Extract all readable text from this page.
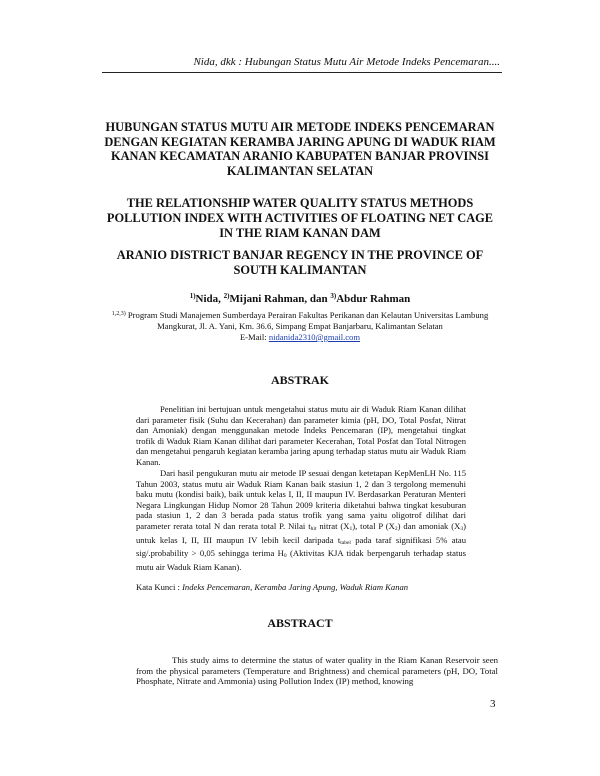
Nida, dkk : Hubungan Status Mutu Air Metode Indeks Pencemaran....
HUBUNGAN STATUS MUTU AIR METODE INDEKS PENCEMARAN DENGAN KEGIATAN KERAMBA JARING APUNG DI WADUK RIAM KANAN KECAMATAN ARANIO KABUPATEN BANJAR PROVINSI KALIMANTAN SELATAN
THE RELATIONSHIP WATER QUALITY STATUS METHODS POLLUTION INDEX WITH ACTIVITIES OF FLOATING NET CAGE IN THE RIAM KANAN DAM
ARANIO DISTRICT BANJAR REGENCY IN THE PROVINCE OF SOUTH KALIMANTAN
$^{1)}$Nida, $^{2)}$Mijani Rahman, dan $^{3)}$Abdur Rahman
$^{1,2,3)}$ Program Studi Manajemen Sumberdaya Perairan Fakultas Perikanan dan Kelautan Universitas Lambung Mangkurat, Jl. A. Yani, Km. 36.6, Simpang Empat Banjarbaru, Kalimantan Selatan
E-Mail: nidanida2310@gmail.com
ABSTRAK
Penelitian ini bertujuan untuk mengetahui status mutu air di Waduk Riam Kanan dilihat dari parameter fisik (Suhu dan Kecerahan) dan parameter kimia (pH, DO, Total Posfat, Nitrat dan Amoniak) dengan menggunakan metode Indeks Pencemaran (IP), mengetahui tingkat trofik di Waduk Riam Kanan dilihat dari parameter Kecerahan, Total Posfat dan Total Nitrogen dan mengetahui pengaruh kegiatan keramba jaring apung terhadap status mutu air Waduk Riam Kanan.
Dari hasil pengukuran mutu air metode IP sesuai dengan ketetapan KepMenLH No. 115 Tahun 2003, status mutu air Waduk Riam Kanan baik stasiun 1, 2 dan 3 tergolong memenuhi baku mutu (kondisi baik), baik untuk kelas I, II, II maupun IV. Berdasarkan Peraturan Menteri Negara Lingkungan Hidup Nomor 28 Tahun 2009 kriteria diketahui bahwa tingkat kesuburan pada stasiun 1, 2 dan 3 berada pada status trofik yang sama yaitu oligotrof dilihat dari parameter rerata total N dan rerata total P. Nilai $t_{hit}$ nitrat $(X_1)$, total P $(X_2)$ dan amoniak $(X_3)$ untuk kelas I, II, III maupun IV lebih kecil daripada $t_{tabel}$ pada taraf signifikasi 5% atau sig/.probability > 0,05 sehingga terima $H_0$ (Aktivitas KJA tidak berpengaruh terhadap status mutu air Waduk Riam Kanan).
Kata Kunci : Indeks Pencemaran, Keramba Jaring Apung, Waduk Riam Kanan
ABSTRACT
This study aims to determine the status of water quality in the Riam Kanan Reservoir seen from the physical parameters (Temperature and Brightness) and chemical parameters (pH, DO, Total Phosphate, Nitrate and Ammonia) using Pollution Index (IP) method, knowing
3
